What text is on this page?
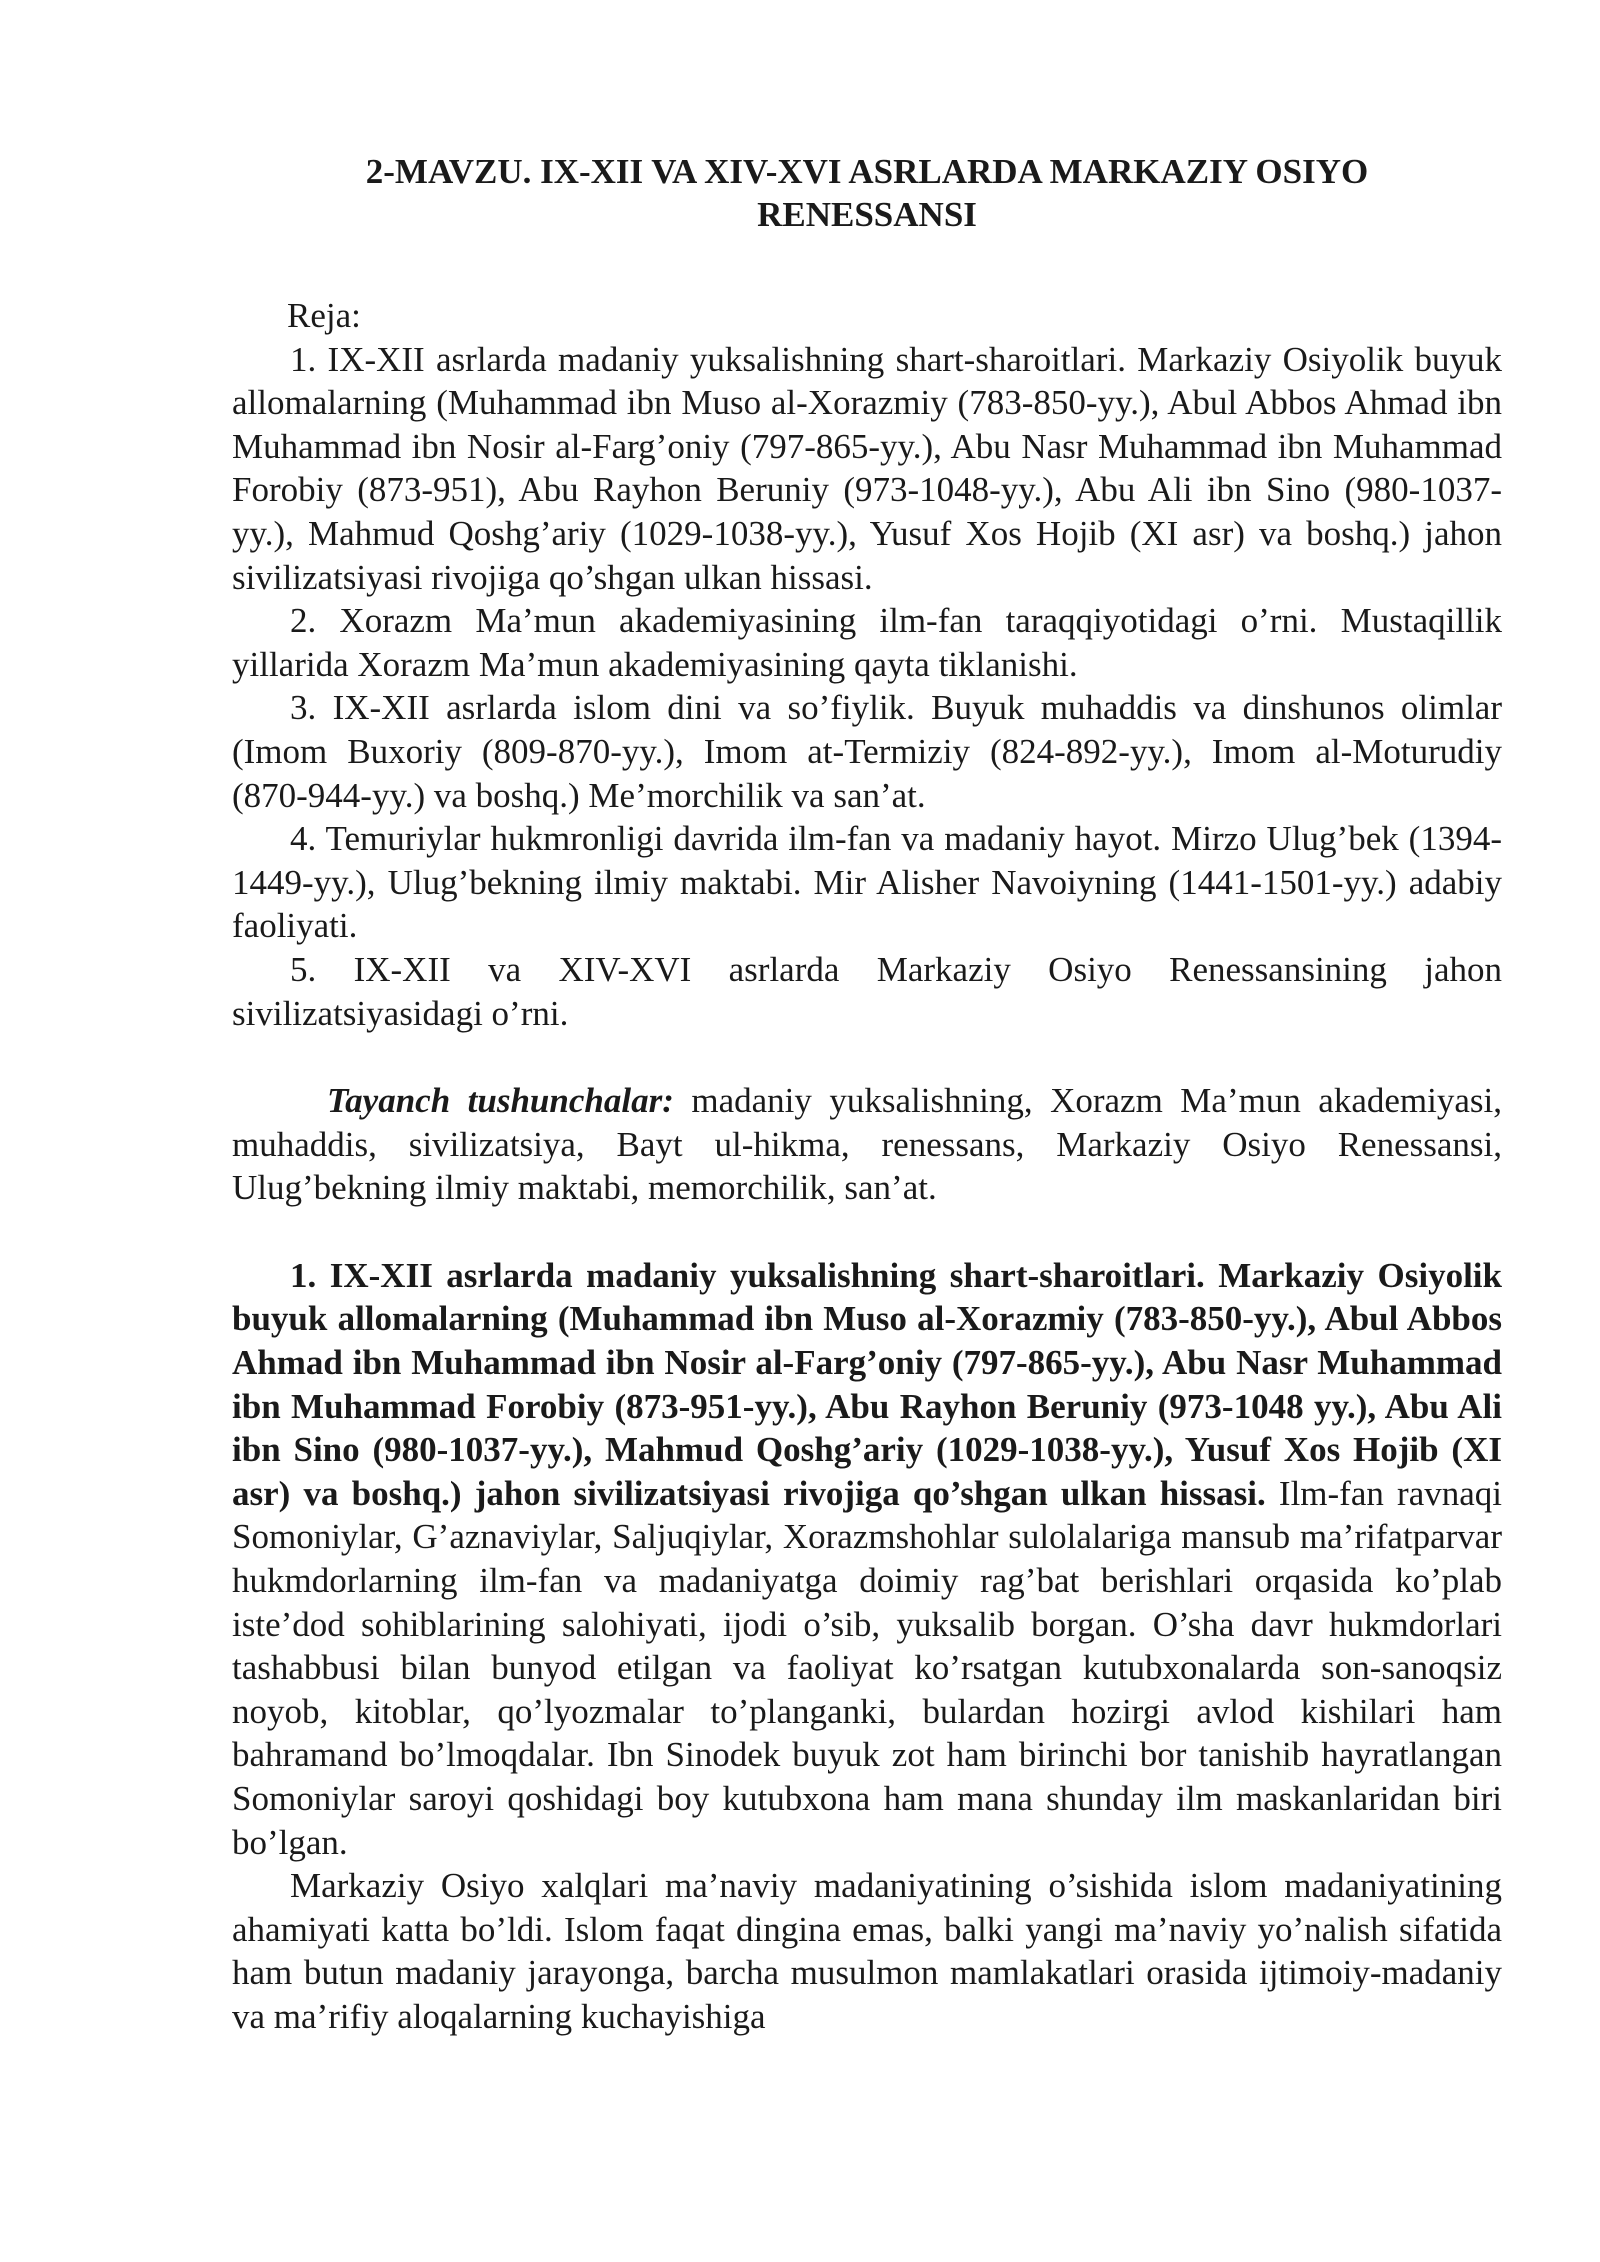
2-MAVZU. IX-XII VA XIV-XVI ASRLARDA MARKAZIY OSIYO
RENESSANSI

Reja:

1. IX-XII asrlarda madaniy yuksalishning shart-sharoitlari. Markaziy Osiyolik buyuk allomalarning (Muhammad ibn Muso al-Xorazmiy (783-850-yy.), Abul Abbos Ahmad ibn Muhammad ibn Nosir al-Farg’oniy (797-865-yy.), Abu Nasr Muhammad ibn Muhammad Forobiy (873-951), Abu Rayhon Beruniy (973-1048-yy.), Abu Ali ibn Sino (980-1037-yy.), Mahmud Qoshg’ariy (1029-1038-yy.), Yusuf Xos Hojib (XI asr) va boshq.) jahon sivilizatsiyasi rivojiga qo’shgan ulkan hissasi.

2. Xorazm Ma’mun akademiyasining ilm-fan taraqqiyotidagi o’rni. Mustaqillik yillarida Xorazm Ma’mun akademiyasining qayta tiklanishi.

3. IX-XII asrlarda islom dini va so’fiylik. Buyuk muhaddis va dinshunos olimlar (Imom Buxoriy (809-870-yy.), Imom at-Termiziy (824-892-yy.), Imom al-Moturudiy (870-944-yy.) va boshq.) Me’morchilik va san’at.

4. Temuriylar hukmronligi davrida ilm-fan va madaniy hayot. Mirzo Ulug’bek (1394-1449-yy.), Ulug’bekning ilmiy maktabi. Mir Alisher Navoiyning (1441-1501-yy.) adabiy faoliyati.

5. IX-XII va XIV-XVI asrlarda Markaziy Osiyo Renessansining jahon sivilizatsiyasidagi o’rni.

Tayanch tushunchalar: madaniy yuksalishning, Xorazm Ma’mun akademiyasi, muhaddis, sivilizatsiya, Bayt ul-hikma, renessans, Markaziy Osiyo Renessansi, Ulug’bekning ilmiy maktabi, memorchilik, san’at.

1. IX-XII asrlarda madaniy yuksalishning shart-sharoitlari. Markaziy Osiyolik buyuk allomalarning (Muhammad ibn Muso al-Xorazmiy (783-850-yy.), Abul Abbos Ahmad ibn Muhammad ibn Nosir al-Farg’oniy (797-865-yy.), Abu Nasr Muhammad ibn Muhammad Forobiy (873-951-yy.), Abu Rayhon Beruniy (973-1048 yy.), Abu Ali ibn Sino (980-1037-yy.), Mahmud Qoshg’ariy (1029-1038-yy.), Yusuf Xos Hojib (XI asr) va boshq.) jahon sivilizatsiyasi rivojiga qo’shgan ulkan hissasi. Ilm-fan ravnaqi Somoniylar, G’aznaviylar, Saljuqiylar, Xorazmshohlar sulolalariga mansub ma’rifatparvar hukmdorlarning ilm-fan va madaniyatga doimiy rag’bat berishlari orqasida ko’plab iste’dod sohiblarining salohiyati, ijodi o’sib, yuksalib borgan. O’sha davr hukmdorlari tashabbusi bilan bunyod etilgan va faoliyat ko’rsatgan kutubxonalarda son-sanoqsiz noyob, kitoblar, qo’lyozmalar to’planganki, bulardan hozirgi avlod kishilari ham bahramand bo’lmoqdalar. Ibn Sinodek buyuk zot ham birinchi bor tanishib hayratlangan Somoniylar saroyi qoshidagi boy kutubxona ham mana shunday ilm maskanlaridan biri bo’lgan.

Markaziy Osiyo xalqlari ma’naviy madaniyatining o’sishida islom madaniyatining ahamiyati katta bo’ldi. Islom faqat dingina emas, balki yangi ma’naviy yo’nalish sifatida ham butun madaniy jarayonga, barcha musulmon mamlakatlari orasida ijtimoiy-madaniy va ma’rifiy aloqalarning kuchayishiga
